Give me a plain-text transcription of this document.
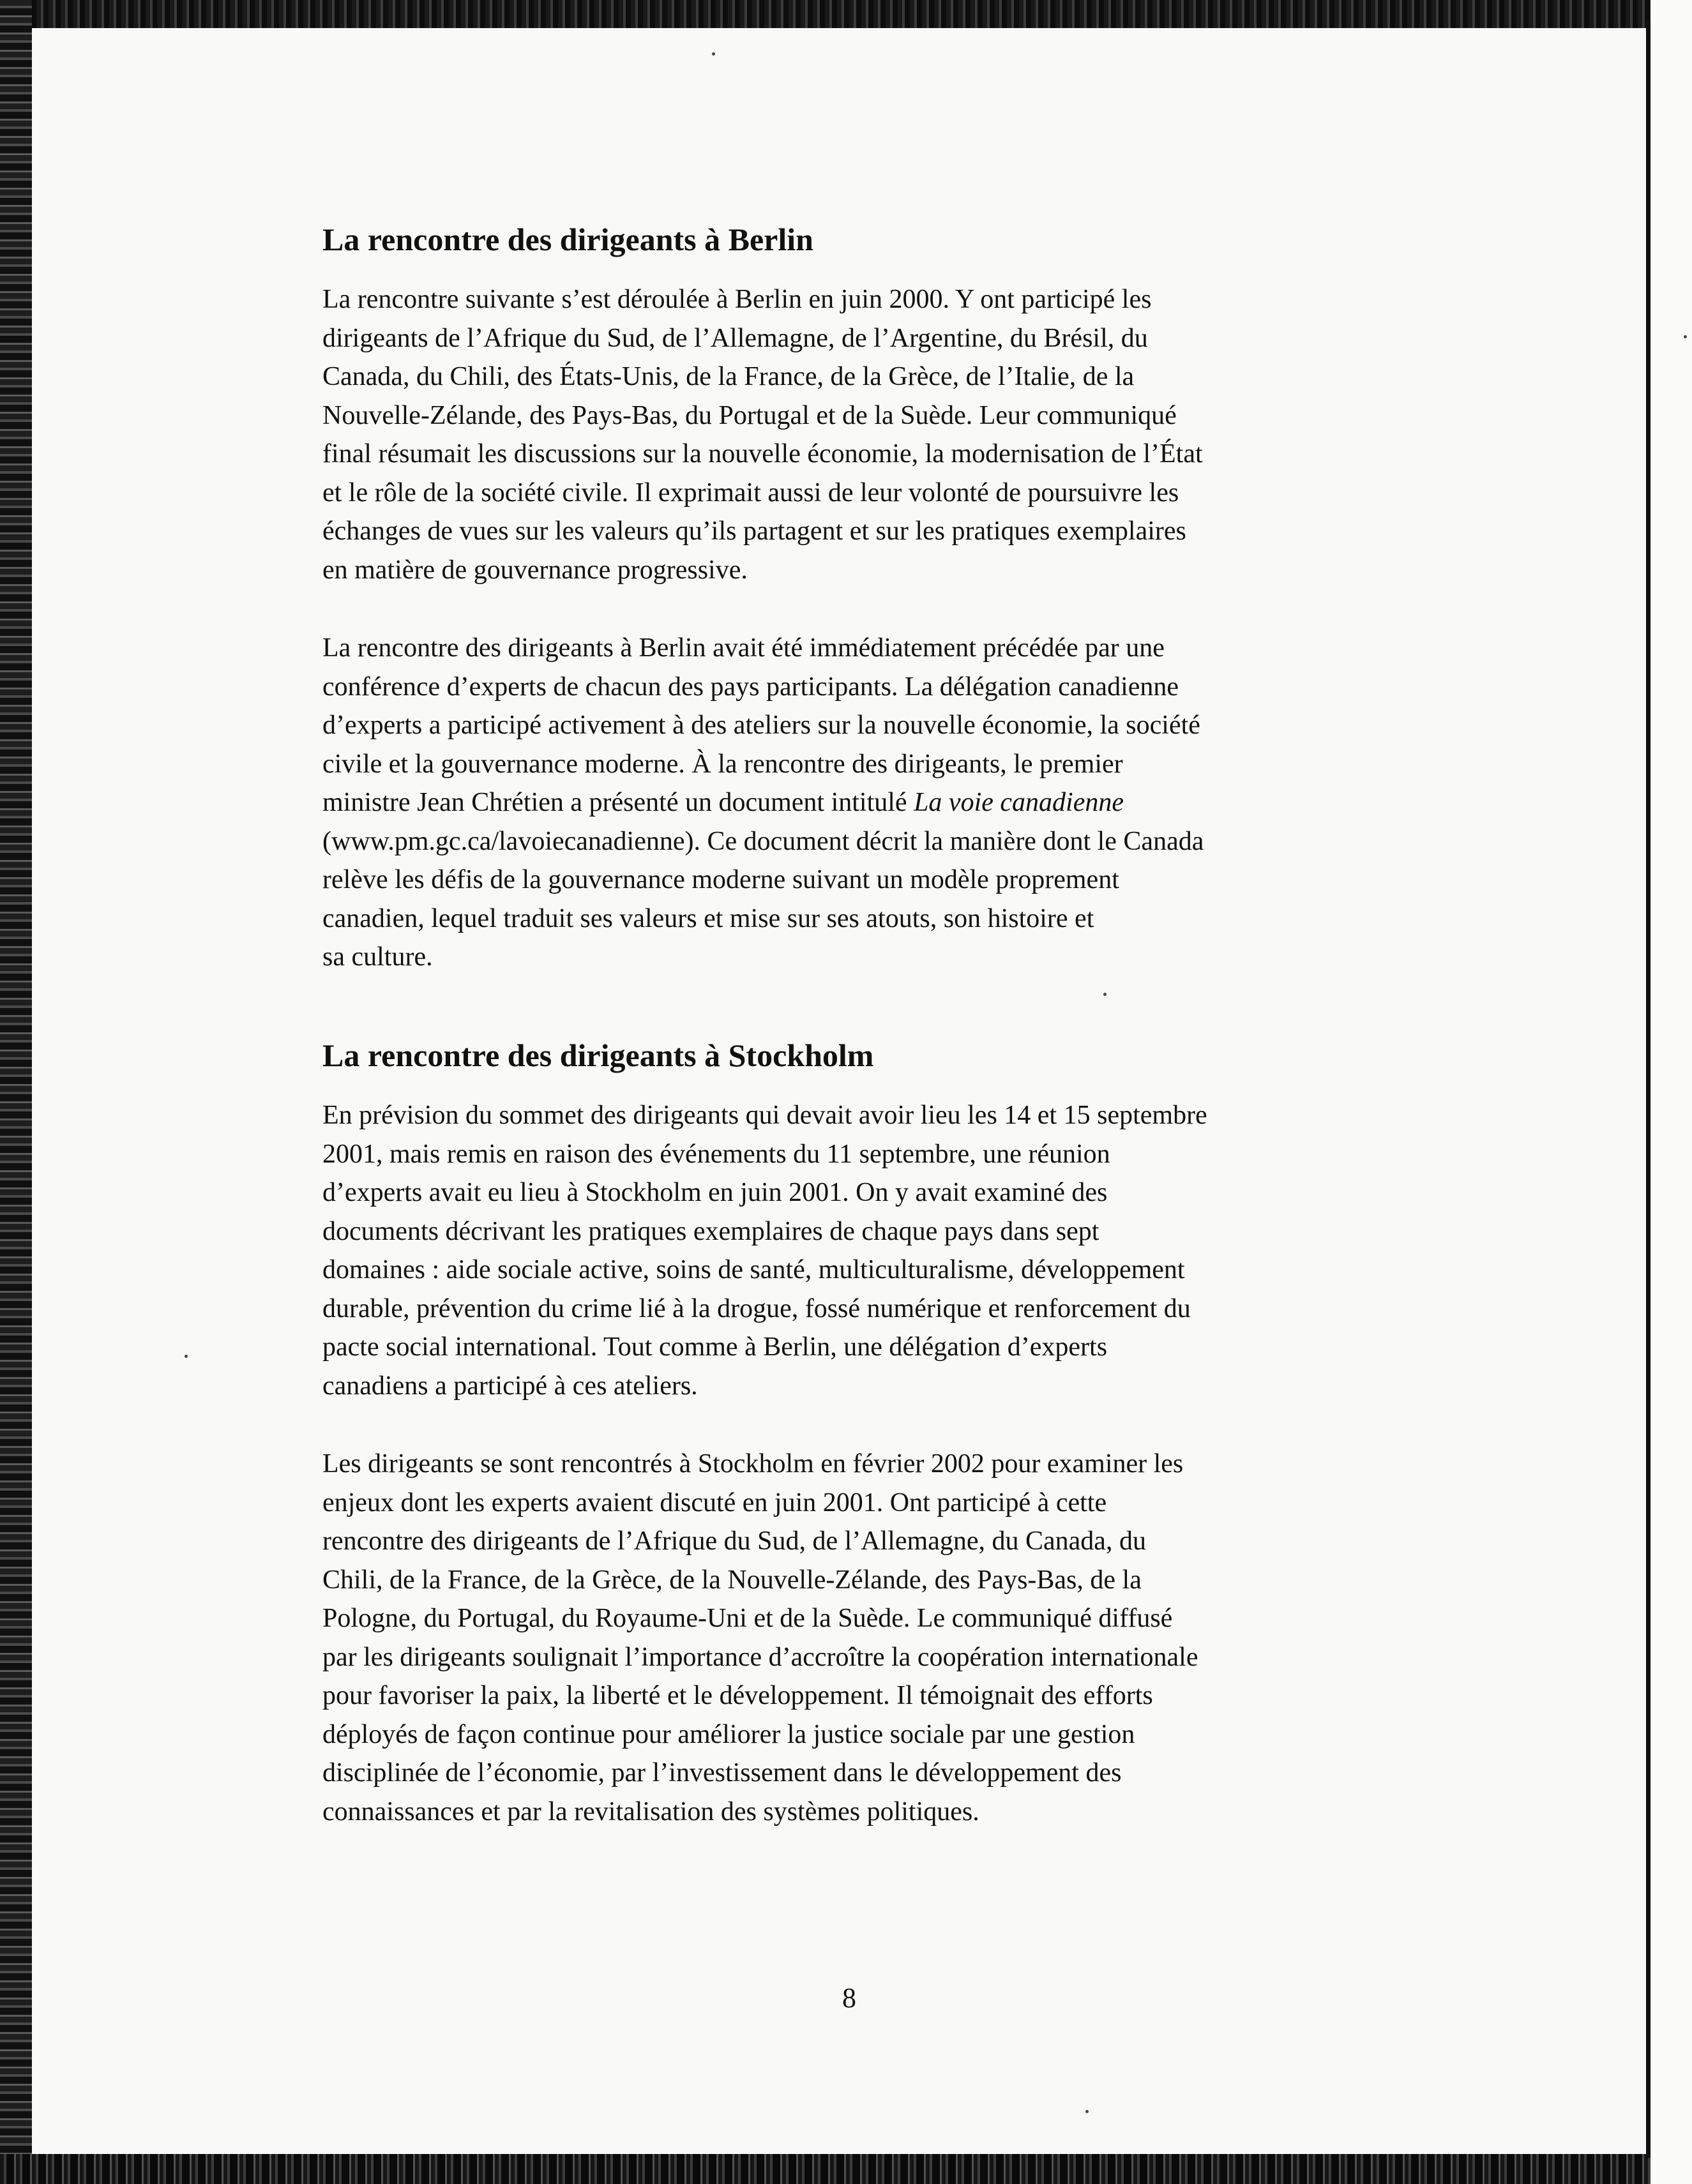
La rencontre des dirigeants à Berlin

La rencontre suivante s’est déroulée à Berlin en juin 2000. Y ont participé les
dirigeants de l’Afrique du Sud, de l’Allemagne, de l’Argentine, du Brésil, du
Canada, du Chili, des États-Unis, de la France, de la Grèce, de l’Italie, de la
Nouvelle-Zélande, des Pays-Bas, du Portugal et de la Suède. Leur communiqué
final résumait les discussions sur la nouvelle économie, la modernisation de l’État
et le rôle de la société civile. Il exprimait aussi de leur volonté de poursuivre les
échanges de vues sur les valeurs qu’ils partagent et sur les pratiques exemplaires
en matière de gouvernance progressive.

La rencontre des dirigeants à Berlin avait été immédiatement précédée par une
conférence d’experts de chacun des pays participants. La délégation canadienne
d’experts a participé activement à des ateliers sur la nouvelle économie, la société
civile et la gouvernance moderne. À la rencontre des dirigeants, le premier
ministre Jean Chrétien a présenté un document intitulé La voie canadienne
(www.pm.gc.ca/lavoiecanadienne). Ce document décrit la manière dont le Canada
relève les défis de la gouvernance moderne suivant un modèle proprement
canadien, lequel traduit ses valeurs et mise sur ses atouts, son histoire et
sa culture.

La rencontre des dirigeants à Stockholm

En prévision du sommet des dirigeants qui devait avoir lieu les 14 et 15 septembre
2001, mais remis en raison des événements du 11 septembre, une réunion
d’experts avait eu lieu à Stockholm en juin 2001. On y avait examiné des
documents décrivant les pratiques exemplaires de chaque pays dans sept
domaines : aide sociale active, soins de santé, multiculturalisme, développement
durable, prévention du crime lié à la drogue, fossé numérique et renforcement du
pacte social international. Tout comme à Berlin, une délégation d’experts
canadiens a participé à ces ateliers.

Les dirigeants se sont rencontrés à Stockholm en février 2002 pour examiner les
enjeux dont les experts avaient discuté en juin 2001. Ont participé à cette
rencontre des dirigeants de l’Afrique du Sud, de l’Allemagne, du Canada, du
Chili, de la France, de la Grèce, de la Nouvelle-Zélande, des Pays-Bas, de la
Pologne, du Portugal, du Royaume-Uni et de la Suède. Le communiqué diffusé
par les dirigeants soulignait l’importance d’accroître la coopération internationale
pour favoriser la paix, la liberté et le développement. Il témoignait des efforts
déployés de façon continue pour améliorer la justice sociale par une gestion
disciplinée de l’économie, par l’investissement dans le développement des
connaissances et par la revitalisation des systèmes politiques.

8
